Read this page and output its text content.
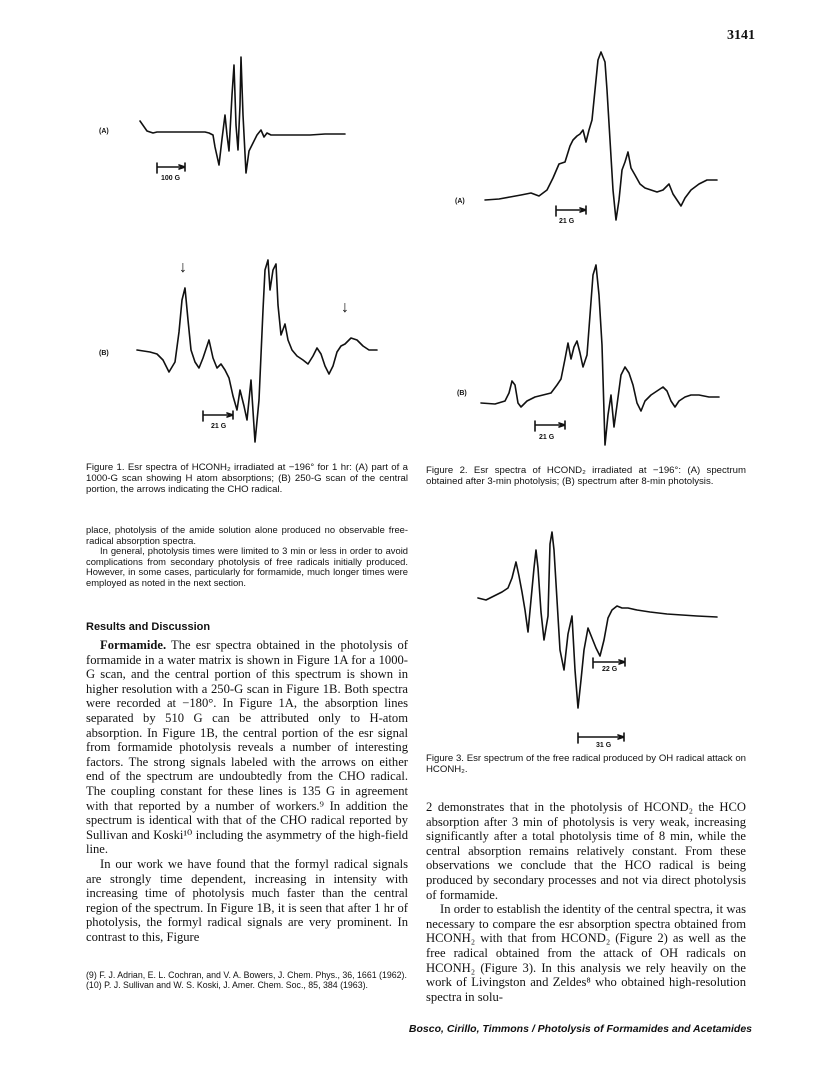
3141
(A)
100 G
(B)
↓
↓
21 G
Figure 1. Esr spectra of HCONH₂ irradiated at −196° for 1 hr: (A) part of a 1000-G scan showing H atom absorptions; (B) 250-G scan of the central portion, the arrows indicating the CHO radical.
(A)
21 G
(B)
21 G
Figure 2. Esr spectra of HCOND₂ irradiated at −196°: (A) spectrum obtained after 3-min photolysis; (B) spectrum after 8-min photolysis.
22 G
31 G
Figure 3. Esr spectrum of the free radical produced by OH radical attack on HCONH₂.

place, photolysis of the amide solution alone produced no observable free-radical absorption spectra.

In general, photolysis times were limited to 3 min or less in order to avoid complications from secondary photolysis of free radicals initially produced. However, in some cases, particularly for formamide, much longer times were employed as noted in the next section.

Results and Discussion

Formamide. The esr spectra obtained in the photolysis of formamide in a water matrix is shown in Figure 1A for a 1000-G scan, and the central portion of this spectrum is shown in higher resolution with a 250-G scan in Figure 1B. Both spectra were recorded at −180°. In Figure 1A, the absorption lines separated by 510 G can be attributed only to H-atom absorption. In Figure 1B, the central portion of the esr signal from formamide photolysis reveals a number of interesting factors. The strong signals labeled with the arrows on either end of the spectrum are undoubtedly from the CHO radical. The coupling constant for these lines is 135 G in agreement with that reported by a number of workers.⁹ In addition the spectrum is identical with that of the CHO radical reported by Sullivan and Koski¹⁰ including the asymmetry of the high-field line.

In our work we have found that the formyl radical signals are strongly time dependent, increasing in intensity with increasing time of photolysis much faster than the central region of the spectrum. In Figure 1B, it is seen that after 1 hr of photolysis, the formyl radical signals are very prominent. In contrast to this, Figure

(9) F. J. Adrian, E. L. Cochran, and V. A. Bowers, J. Chem. Phys., 36, 1661 (1962).

(10) P. J. Sullivan and W. S. Koski, J. Amer. Chem. Soc., 85, 384 (1963).

2 demonstrates that in the photolysis of HCOND₂ the HCO absorption after 3 min of photolysis is very weak, increasing significantly after a total photolysis time of 8 min, while the central absorption remains relatively constant. From these observations we conclude that the HCO radical is being produced by secondary processes and not via direct photolysis of formamide.

In order to establish the identity of the central spectra, it was necessary to compare the esr absorption spectra obtained from HCONH₂ with that from HCOND₂ (Figure 2) as well as the free radical obtained from the attack of OH radicals on HCONH₂ (Figure 3). In this analysis we rely heavily on the work of Livingston and Zeldes⁸ who obtained high-resolution spectra in solu-

Bosco, Cirillo, Timmons / Photolysis of Formamides and Acetamides
